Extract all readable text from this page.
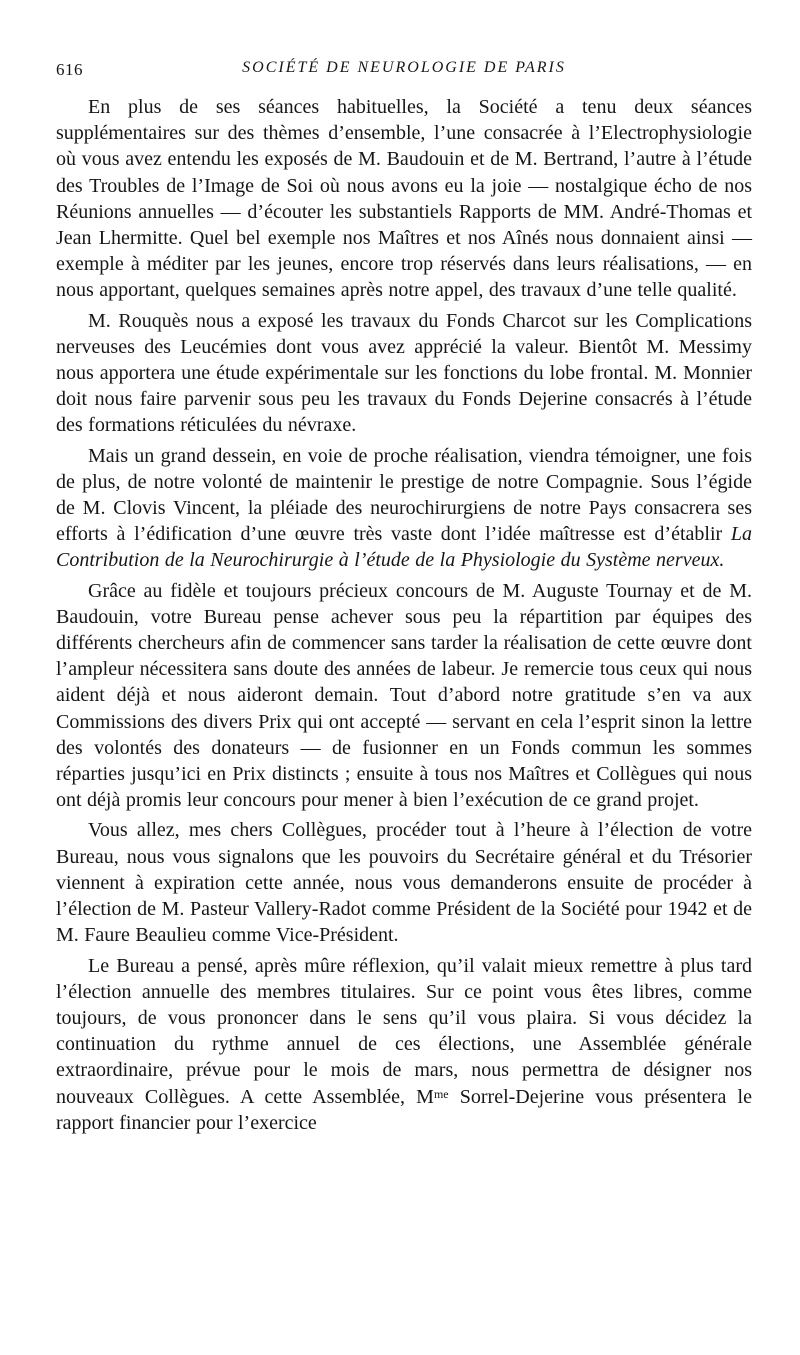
616	SOCIÉTÉ DE NEUROLOGIE DE PARIS

En plus de ses séances habituelles, la Société a tenu deux séances supplémentaires sur des thèmes d’ensemble, l’une consacrée à l’Electrophysiologie où vous avez entendu les exposés de M. Baudouin et de M. Bertrand, l’autre à l’étude des Troubles de l’Image de Soi où nous avons eu la joie — nostalgique écho de nos Réunions annuelles — d’écouter les substantiels Rapports de MM. André-Thomas et Jean Lhermitte. Quel bel exemple nos Maîtres et nos Aînés nous donnaient ainsi — exemple à méditer par les jeunes, encore trop réservés dans leurs réalisations, — en nous apportant, quelques semaines après notre appel, des travaux d’une telle qualité.

M. Rouquès nous a exposé les travaux du Fonds Charcot sur les Complications nerveuses des Leucémies dont vous avez apprécié la valeur. Bientôt M. Messimy nous apportera une étude expérimentale sur les fonctions du lobe frontal. M. Monnier doit nous faire parvenir sous peu les travaux du Fonds Dejerine consacrés à l’étude des formations réticulées du névraxe.

Mais un grand dessein, en voie de proche réalisation, viendra témoigner, une fois de plus, de notre volonté de maintenir le prestige de notre Compagnie. Sous l’égide de M. Clovis Vincent, la pléiade des neurochirurgiens de notre Pays consacrera ses efforts à l’édification d’une œuvre très vaste dont l’idée maîtresse est d’établir La Contribution de la Neurochirurgie à l’étude de la Physiologie du Système nerveux.

Grâce au fidèle et toujours précieux concours de M. Auguste Tournay et de M. Baudouin, votre Bureau pense achever sous peu la répartition par équipes des différents chercheurs afin de commencer sans tarder la réalisation de cette œuvre dont l’ampleur nécessitera sans doute des années de labeur. Je remercie tous ceux qui nous aident déjà et nous aideront demain. Tout d’abord notre gratitude s’en va aux Commissions des divers Prix qui ont accepté — servant en cela l’esprit sinon la lettre des volontés des donateurs — de fusionner en un Fonds commun les sommes réparties jusqu’ici en Prix distincts ; ensuite à tous nos Maîtres et Collègues qui nous ont déjà promis leur concours pour mener à bien l’exécution de ce grand projet.

Vous allez, mes chers Collègues, procéder tout à l’heure à l’élection de votre Bureau, nous vous signalons que les pouvoirs du Secrétaire général et du Trésorier viennent à expiration cette année, nous vous demanderons ensuite de procéder à l’élection de M. Pasteur Vallery-Radot comme Président de la Société pour 1942 et de M. Faure Beaulieu comme Vice-Président.

Le Bureau a pensé, après mûre réflexion, qu’il valait mieux remettre à plus tard l’élection annuelle des membres titulaires. Sur ce point vous êtes libres, comme toujours, de vous prononcer dans le sens qu’il vous plaira. Si vous décidez la continuation du rythme annuel de ces élections, une Assemblée générale extraordinaire, prévue pour le mois de mars, nous permettra de désigner nos nouveaux Collègues. A cette Assemblée, $M^{me}$ Sorrel-Dejerine vous présentera le rapport financier pour l’exercice
